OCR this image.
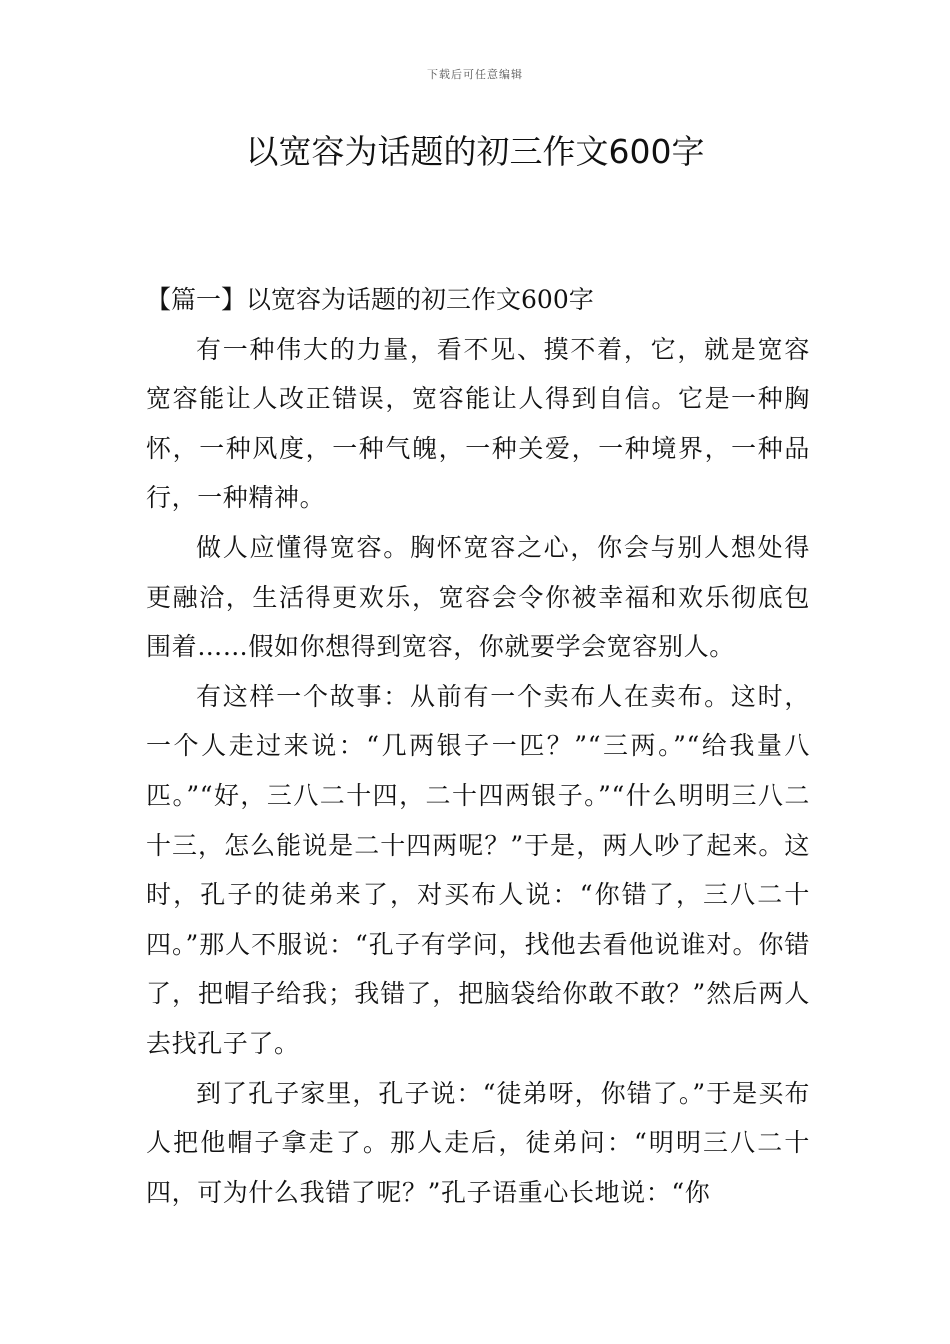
下载后可任意编辑
以宽容为话题的初三作文600字

【篇一】以宽容为话题的初三作文600字

有一种伟大的力量，看不见、摸不着，它，就是宽容宽容能让人改正错误，宽容能让人得到自信。它是一种胸怀，一种风度，一种气魄，一种关爱，一种境界，一种品行，一种精神。

做人应懂得宽容。胸怀宽容之心，你会与别人想处得更融洽，生活得更欢乐，宽容会令你被幸福和欢乐彻底包围着……假如你想得到宽容，你就要学会宽容别人。

有这样一个故事：从前有一个卖布人在卖布。这时，一个人走过来说：“几两银子一匹？”“三两。”“给我量八匹。”“好，三八二十四，二十四两银子。”“什么明明三八二十三，怎么能说是二十四两呢？”于是，两人吵了起来。这时，孔子的徒弟来了，对买布人说：“你错了，三八二十四。”那人不服说：“孔子有学问，找他去看他说谁对。你错了，把帽子给我；我错了，把脑袋给你敢不敢？”然后两人去找孔子了。

到了孔子家里，孔子说：“徒弟呀，你错了。”于是买布人把他帽子拿走了。那人走后，徒弟问：“明明三八二十四，可为什么我错了呢？”孔子语重心长地说：“你
